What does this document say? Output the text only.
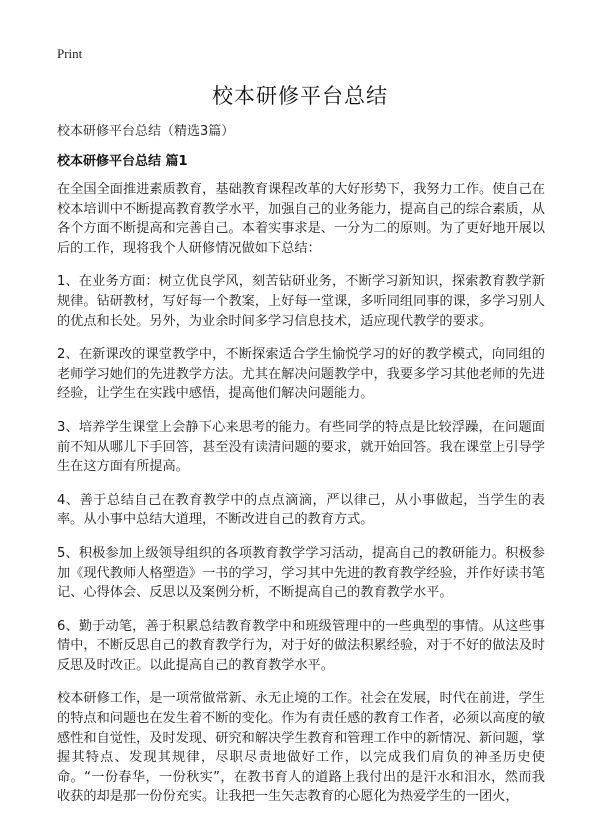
Print
校本研修平台总结
校本研修平台总结（精选3篇）
校本研修平台总结 篇1

在全国全面推进素质教育，基础教育课程改革的大好形势下，我努力工作。使自己在校本培训中不断提高教育教学水平，加强自己的业务能力，提高自己的综合素质，从各个方面不断提高和完善自己。本着实事求是、一分为二的原则。为了更好地开展以后的工作，现将我个人研修情况做如下总结：

1、在业务方面：树立优良学风，刻苦钻研业务，不断学习新知识，探索教育教学新规律。钻研教材，写好每一个教案，上好每一堂课，多听同组同事的课，多学习别人的优点和长处。另外，为业余时间多学习信息技术，适应现代教学的要求。

2、在新课改的课堂教学中，不断探索适合学生愉悦学习的好的教学模式，向同组的老师学习她们的先进教学方法。尤其在解决问题教学中，我要多学习其他老师的先进经验，让学生在实践中感悟，提高他们解决问题能力。

3、培养学生课堂上会静下心来思考的能力。有些同学的特点是比较浮躁，在问题面前不知从哪儿下手回答，甚至没有读清问题的要求，就开始回答。我在课堂上引导学生在这方面有所提高。

4、善于总结自己在教育教学中的点点滴滴，严以律己，从小事做起，当学生的表率。从小事中总结大道理，不断改进自己的教育方式。

5、积极参加上级领导组织的各项教育教学学习活动，提高自己的教研能力。积极参加《现代教师人格塑造》一书的学习，学习其中先进的教育教学经验，并作好读书笔记、心得体会、反思以及案例分析，不断提高自己的教育教学水平。

6、勤于动笔，善于积累总结教育教学中和班级管理中的一些典型的事情。从这些事情中，不断反思自己的教育教学行为，对于好的做法积累经验，对于不好的做法及时反思及时改正。以此提高自己的教育教学水平。

校本研修工作，是一项常做常新、永无止境的工作。社会在发展，时代在前进，学生的特点和问题也在发生着不断的变化。作为有责任感的教育工作者，必须以高度的敏感性和自觉性，及时发现、研究和解决学生教育和管理工作中的新情况、新问题，掌握其特点、发现其规律，尽职尽责地做好工作，以完成我们肩负的神圣历史使命。“一份春华，一份秋实”，在教书育人的道路上我付出的是汗水和泪水，然而我收获的却是那一份份充实。让我把一生矢志教育的心愿化为热爱学生的一团火，
